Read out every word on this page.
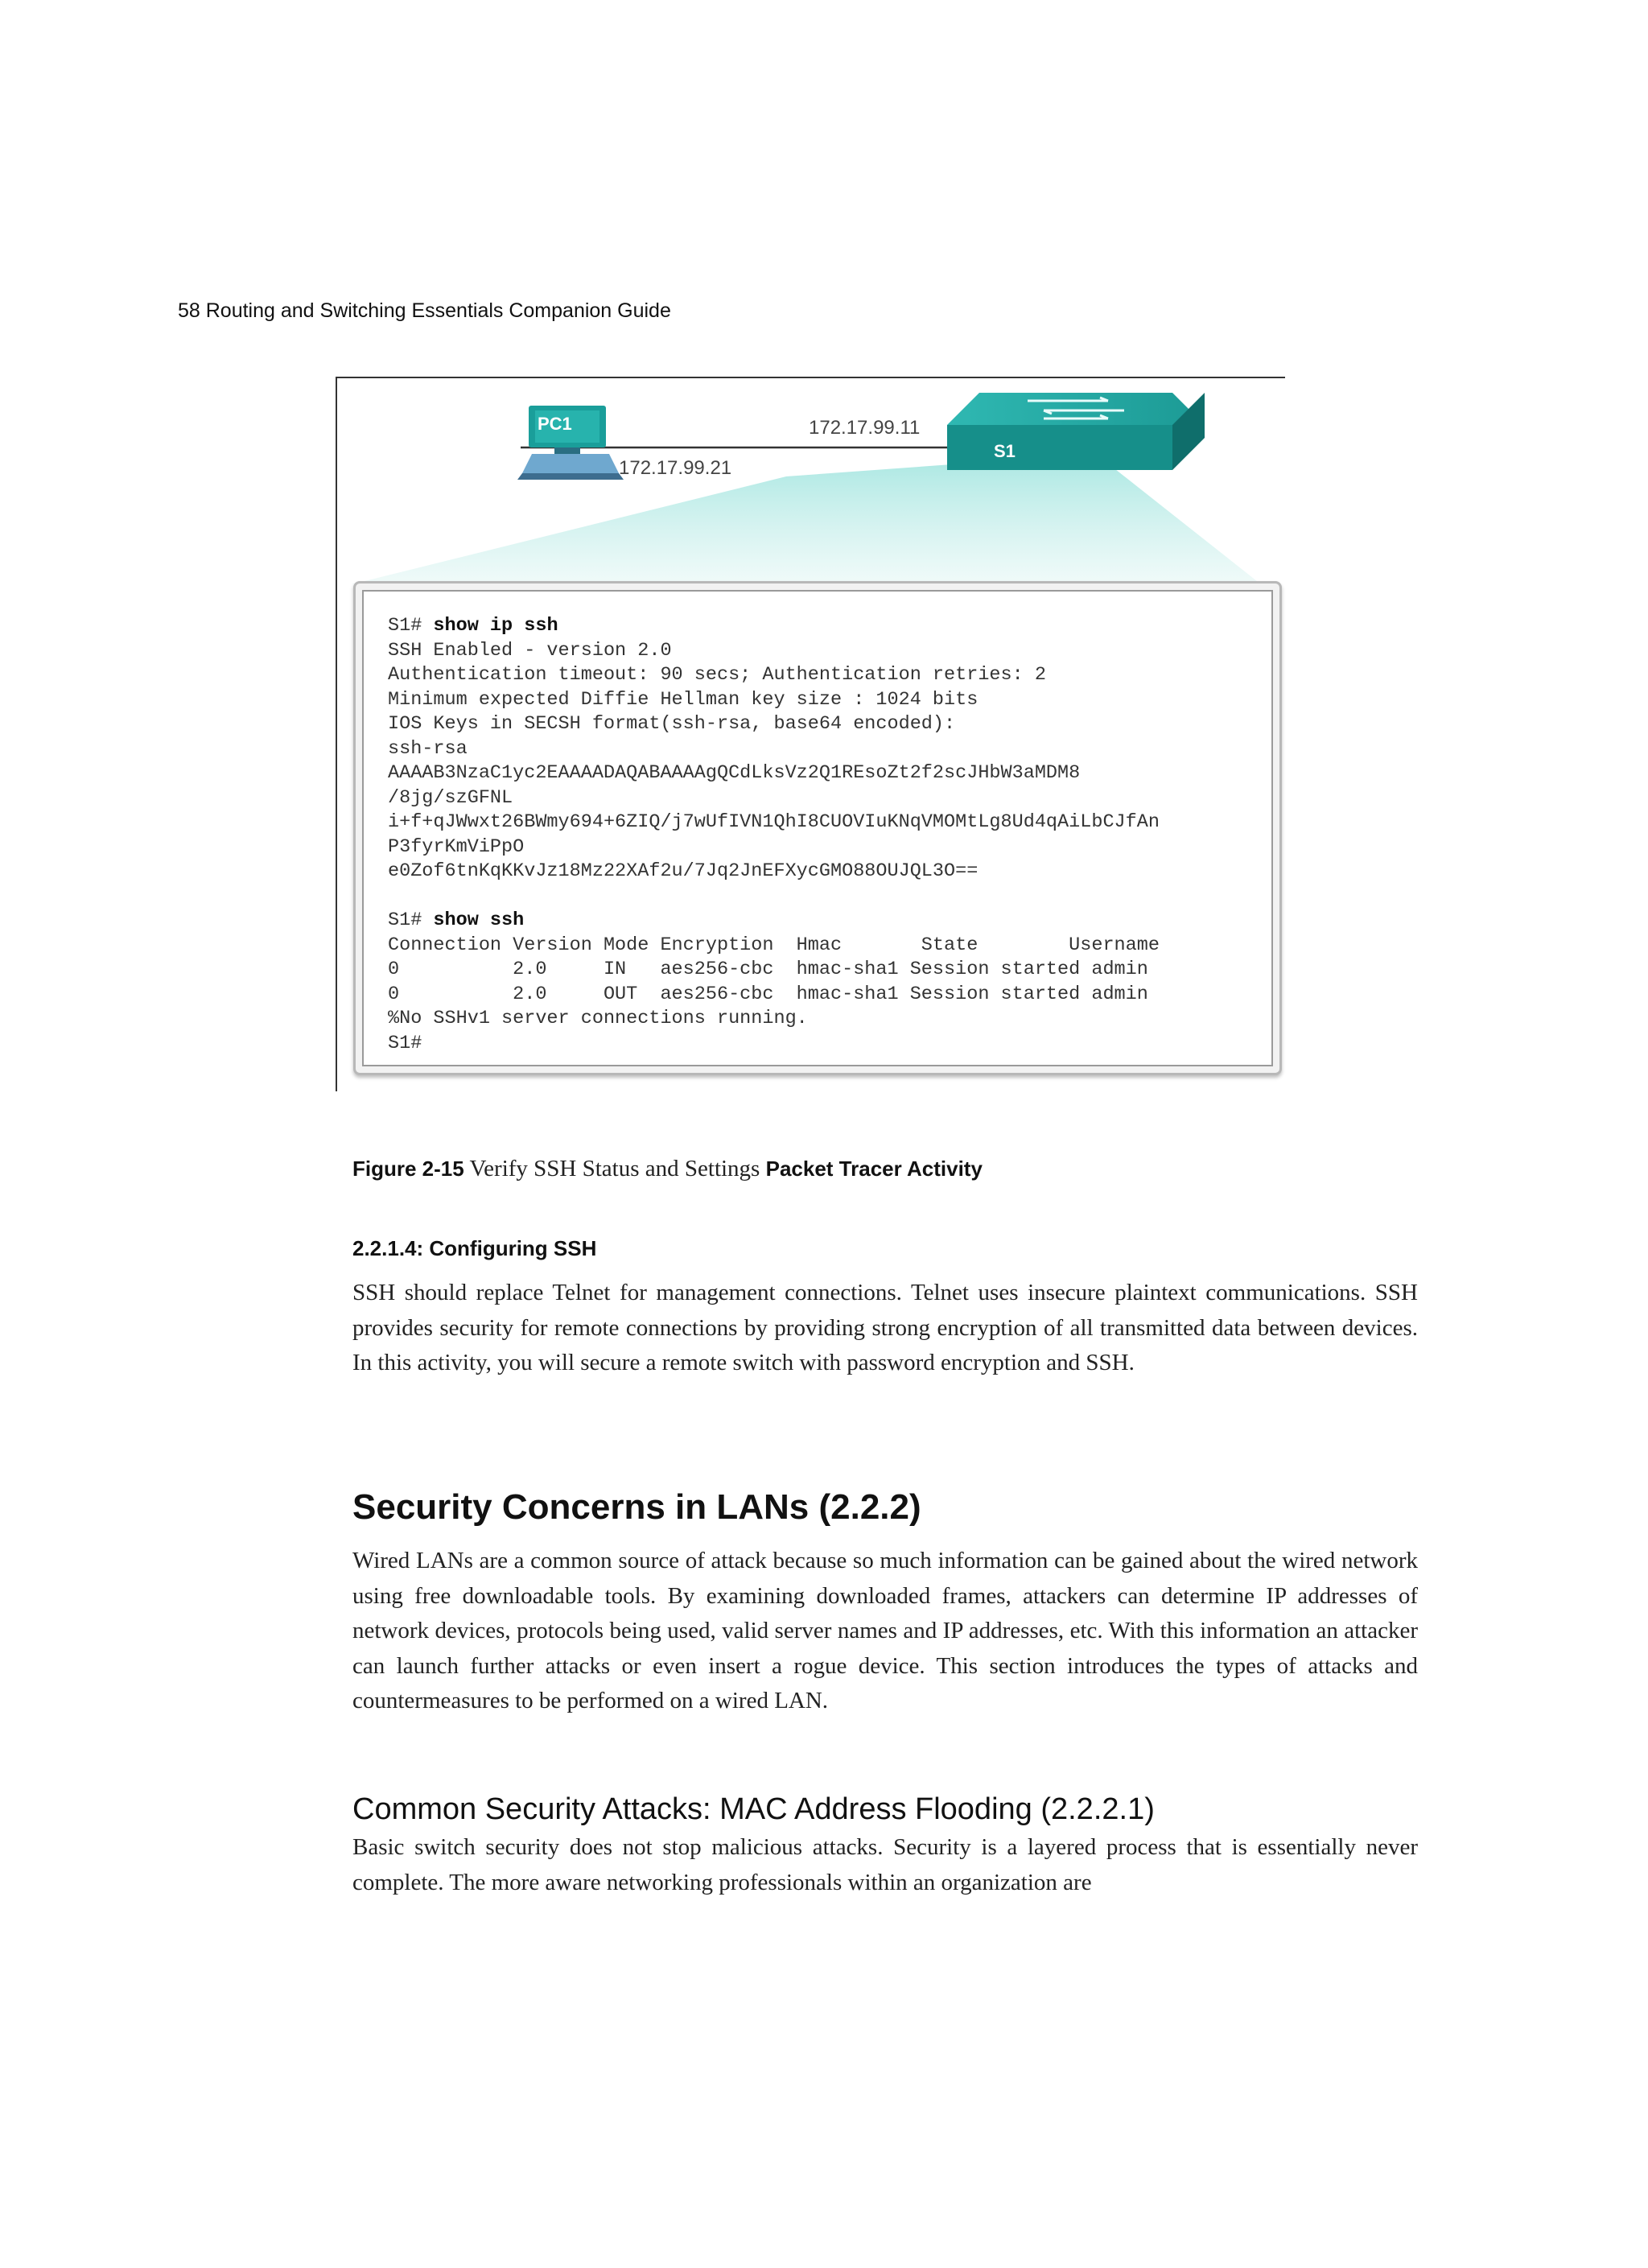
58 Routing and Switching Essentials Companion Guide
PC1
S1
172.17.99.21
172.17.99.11
S1# show ip ssh
SSH Enabled - version 2.0
Authentication timeout: 90 secs; Authentication retries: 2
Minimum expected Diffie Hellman key size : 1024 bits
IOS Keys in SECSH format(ssh-rsa, base64 encoded):
ssh-rsa
AAAAB3NzaC1yc2EAAAADAQABAAAAgQCdLksVz2Q1REsoZt2f2scJHbW3aMDM8
/8jg/szGFNL
i+f+qJWwxt26BWmy694+6ZIQ/j7wUfIVN1QhI8CUOVIuKNqVMOMtLg8Ud4qAiLbCJfAn
P3fyrKmViPpO
e0Zof6tnKqKKvJz18Mz22XAf2u/7Jq2JnEFXycGMO88OUJQL3O==
S1# show ssh
Connection Version Mode Encryption  Hmac       State        Username
0          2.0     IN   aes256-cbc  hmac-sha1 Session started admin
0          2.0     OUT  aes256-cbc  hmac-sha1 Session started admin
%No SSHv1 server connections running.
S1#
Figure 2-15 Verify SSH Status and Settings Packet Tracer Activity
2.2.1.4: Configuring SSH

SSH should replace Telnet for management connections. Telnet uses insecure plaintext communications. SSH provides security for remote connections by providing strong encryption of all transmitted data between devices. In this activity, you will secure a remote switch with password encryption and SSH.

Security Concerns in LANs (2.2.2)

Wired LANs are a common source of attack because so much information can be gained about the wired network using free downloadable tools. By examining downloaded frames, attackers can determine IP addresses of network devices, protocols being used, valid server names and IP addresses, etc. With this information an attacker can launch further attacks or even insert a rogue device. This section introduces the types of attacks and countermeasures to be performed on a wired LAN.

Common Security Attacks: MAC Address Flooding (2.2.2.1)

Basic switch security does not stop malicious attacks. Security is a layered process that is essentially never complete. The more aware networking professionals within an organization are
